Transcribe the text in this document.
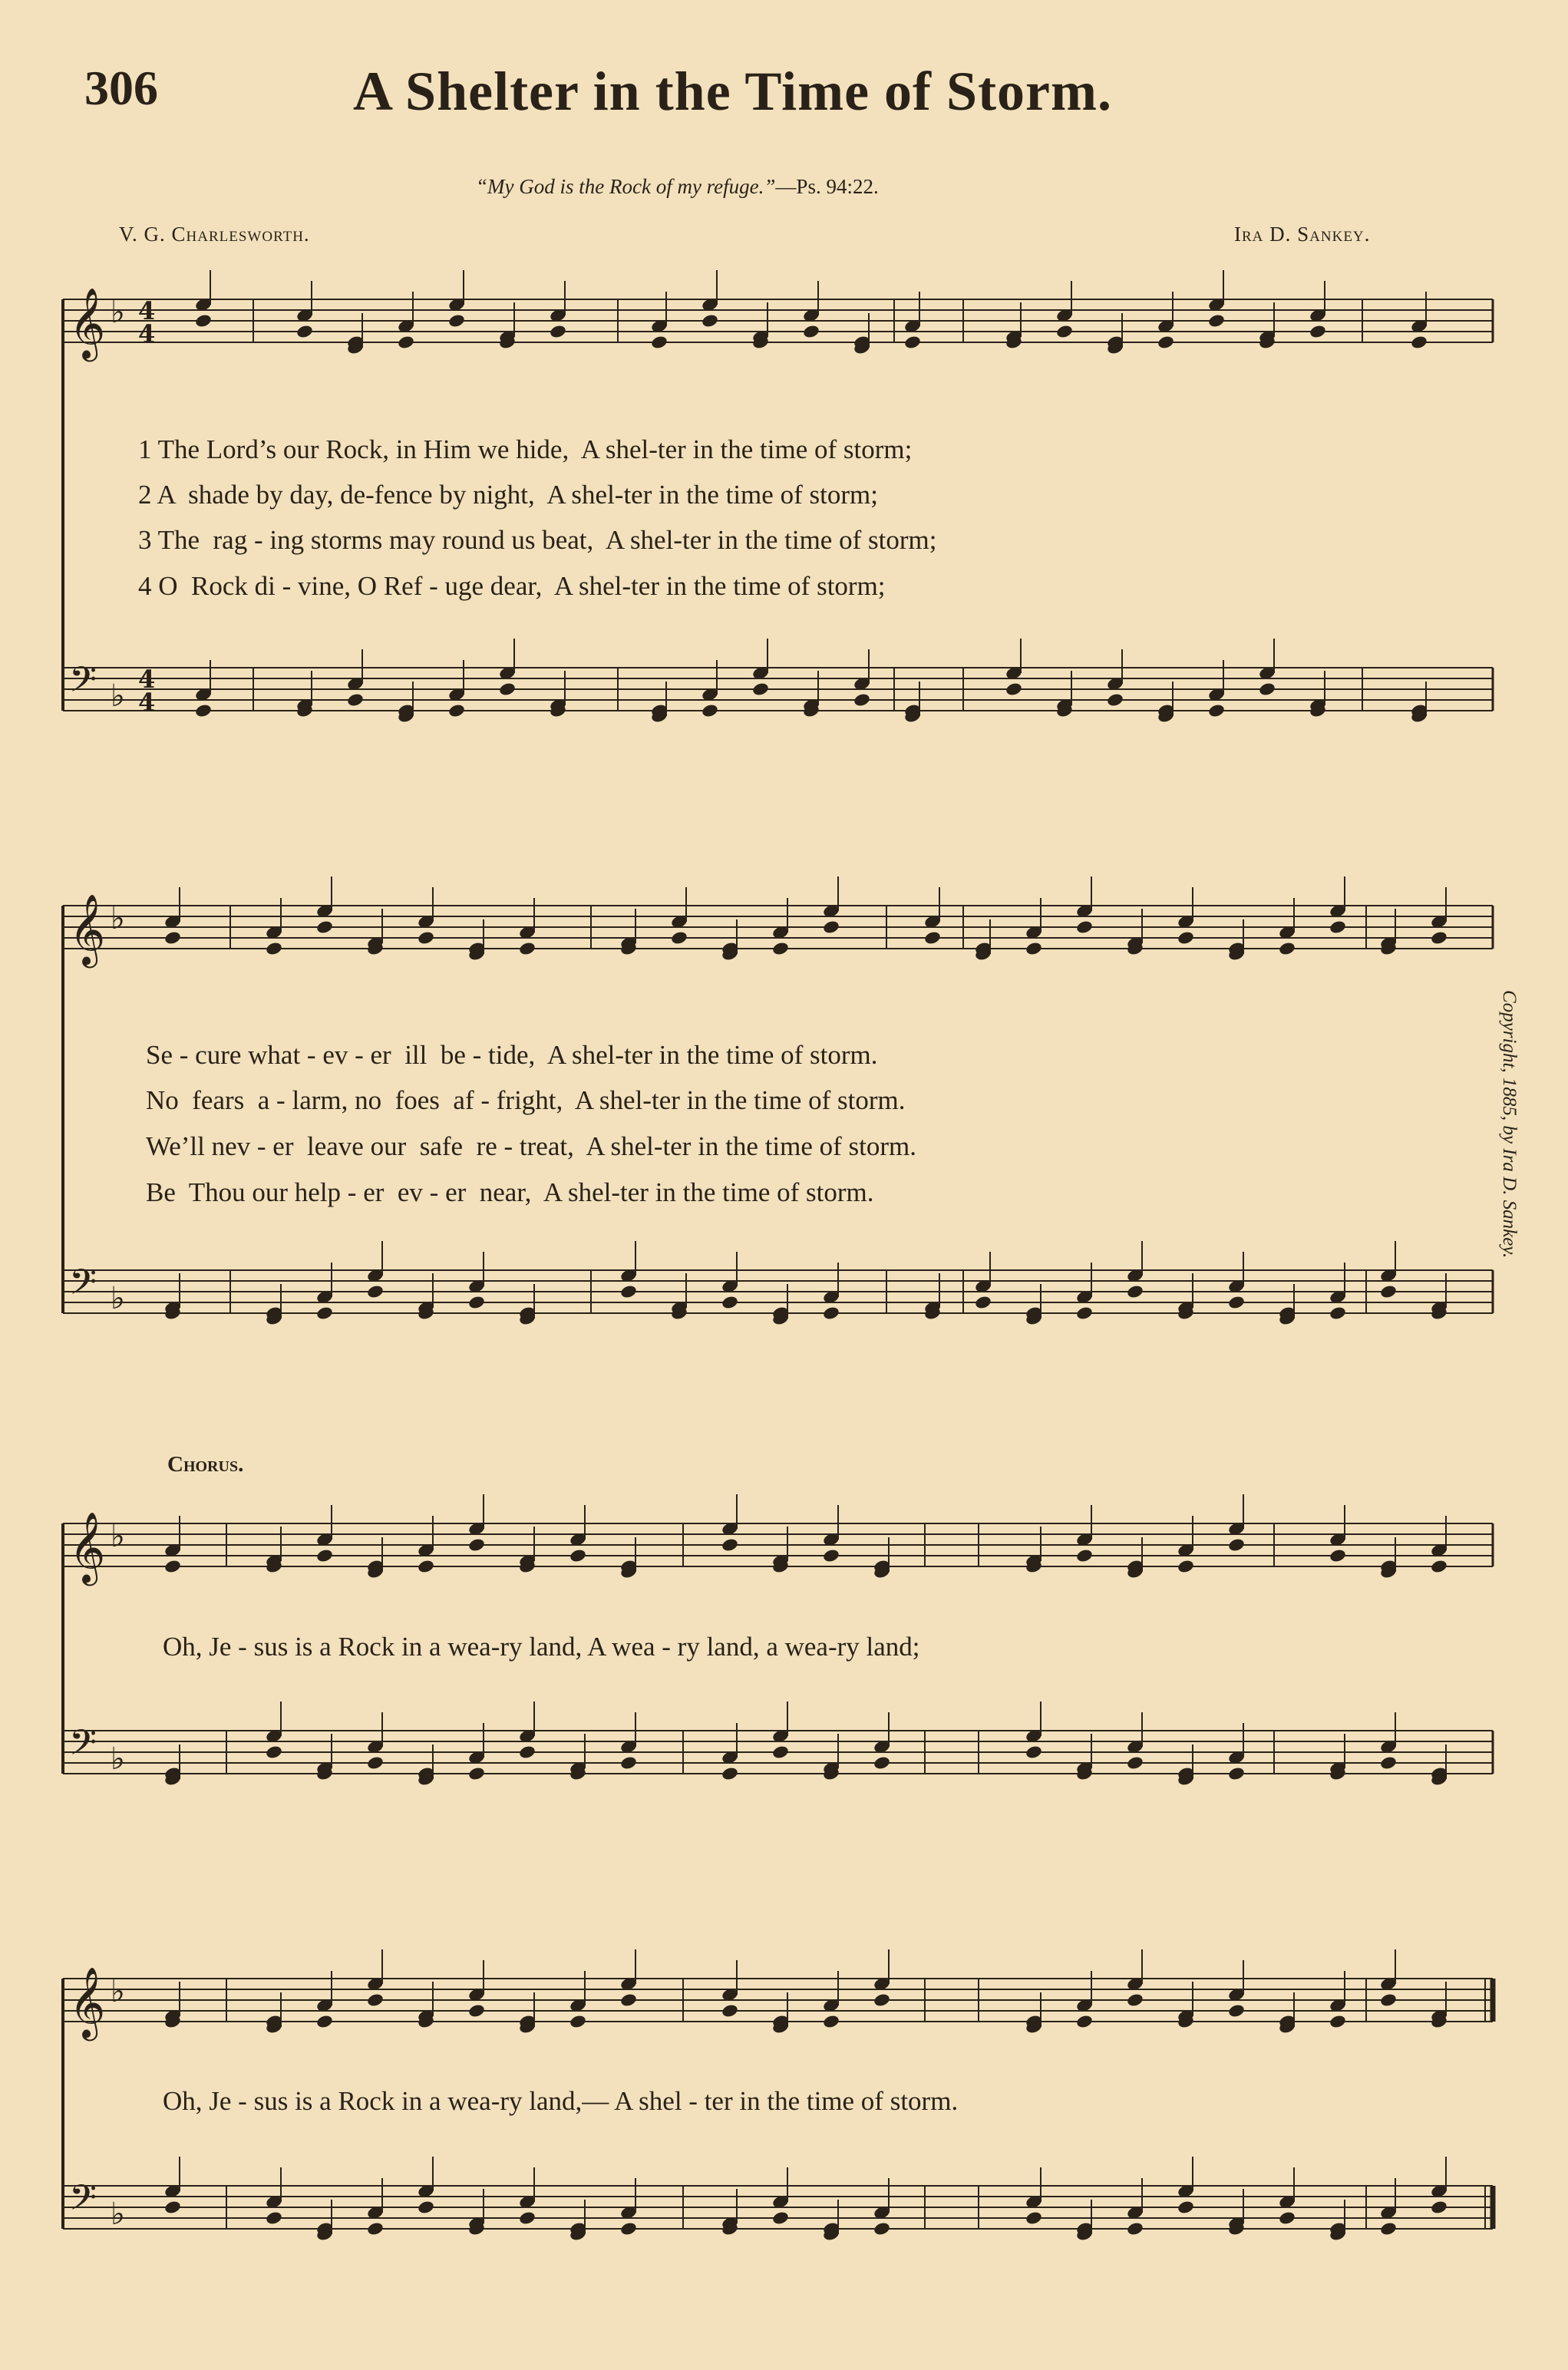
306	A Shelter in the Time of Storm.
“My God is the Rock of my refuge.”—Ps. 94:22.
V. G. Charlesworth.	Ira D. Sankey.
𝄞 ♭ 4
4
𝄢 ♭ 4
4
𝄞 ♭
𝄢 ♭
𝄞 ♭
𝄢 ♭
𝄞 ♭
𝄢 ♭
1 The Lord’s our Rock, in Him we hide,  A shel-ter in the time of storm;
2 A  shade by day, de-fence by night,  A shel-ter in the time of storm;
3 The  rag - ing storms may round us beat,  A shel-ter in the time of storm;
4 O  Rock di - vine, O Ref - uge dear,  A shel-ter in the time of storm;
Se - cure what - ev - er  ill  be - tide,  A shel-ter in the time of storm.
No  fears  a - larm, no  foes  af - fright,  A shel-ter in the time of storm.
We’ll nev - er  leave our  safe  re - treat,  A shel-ter in the time of storm.
Be  Thou our help - er  ev - er  near,  A shel-ter in the time of storm.
Chorus.
Oh, Je - sus is a Rock in a wea-ry land, A wea - ry land, a wea-ry land;
Oh, Je - sus is a Rock in a wea-ry land,— A shel - ter in the time of storm.
Copyright, 1885, by Ira D. Sankey.
